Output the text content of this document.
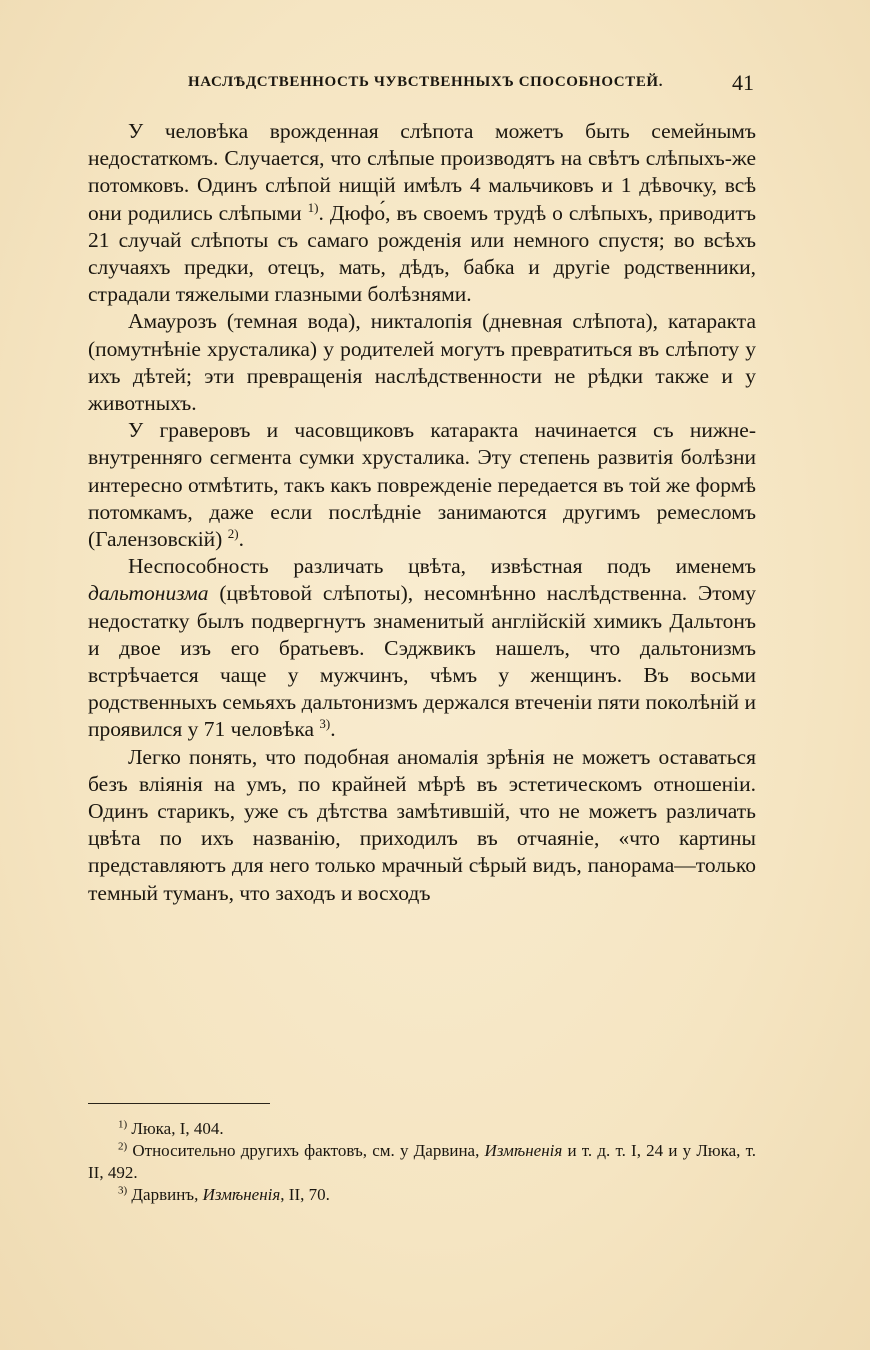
НАСЛѢДСТВЕННОСТЬ ЧУВСТВЕННЫХЪ СПОСОБНОСТЕЙ.	41

У человѣка врожденная слѣпота можетъ быть семейнымъ недостаткомъ. Случается, что слѣпые производятъ на свѣтъ слѣпыхъ-же потомковъ. Одинъ слѣпой нищій имѣлъ 4 мальчиковъ и 1 дѣвочку, всѣ они родились слѣпыми $^{1)}$. Дюфо́, въ своемъ трудѣ о слѣпыхъ, приводитъ 21 случай слѣпоты съ самаго рожденія или немного спустя; во всѣхъ случаяхъ предки, отецъ, мать, дѣдъ, бабка и другіе родственники, страдали тяжелыми глазными болѣзнями.

Амаурозъ (темная вода), никталопія (дневная слѣпота), катаракта (помутнѣніе хрусталика) у родителей могутъ превратиться въ слѣпоту у ихъ дѣтей; эти превращенія наслѣдственности не рѣдки также и у животныхъ.

У граверовъ и часовщиковъ катаракта начинается съ нижне-внутренняго сегмента сумки хрусталика. Эту степень развитія болѣзни интересно отмѣтить, такъ какъ поврежденіе передается въ той же формѣ потомкамъ, даже если послѣдніе занимаются другимъ ремесломъ (Галензовскій) $^{2)}$.

Неспособность различать цвѣта, извѣстная подъ именемъ дальтонизма (цвѣтовой слѣпоты), несомнѣнно наслѣдственна. Этому недостатку былъ подвергнутъ знаменитый англійскій химикъ Дальтонъ и двое изъ его братьевъ. Сэджвикъ нашелъ, что дальтонизмъ встрѣчается чаще у мужчинъ, чѣмъ у женщинъ. Въ восьми родственныхъ семьяхъ дальтонизмъ держался втеченіи пяти поколѣній и проявился у 71 человѣка $^{3)}$.

Легко понять, что подобная аномалія зрѣнія не можетъ оставаться безъ вліянія на умъ, по крайней мѣрѣ въ эстетическомъ отношеніи. Одинъ старикъ, уже съ дѣтства замѣтившій, что не можетъ различать цвѣта по ихъ названію, приходилъ въ отчаяніе, «что картины представляютъ для него только мрачный сѣрый видъ, панорама—только темный туманъ, что заходъ и восходъ

$^{1)}$ Люка, I, 404.

$^{2)}$ Относительно другихъ фактовъ, см. у Дарвина, Измѣненія и т. д. т. I, 24 и у Люка, т. II, 492.

$^{3)}$ Дарвинъ, Измѣненія, II, 70.
